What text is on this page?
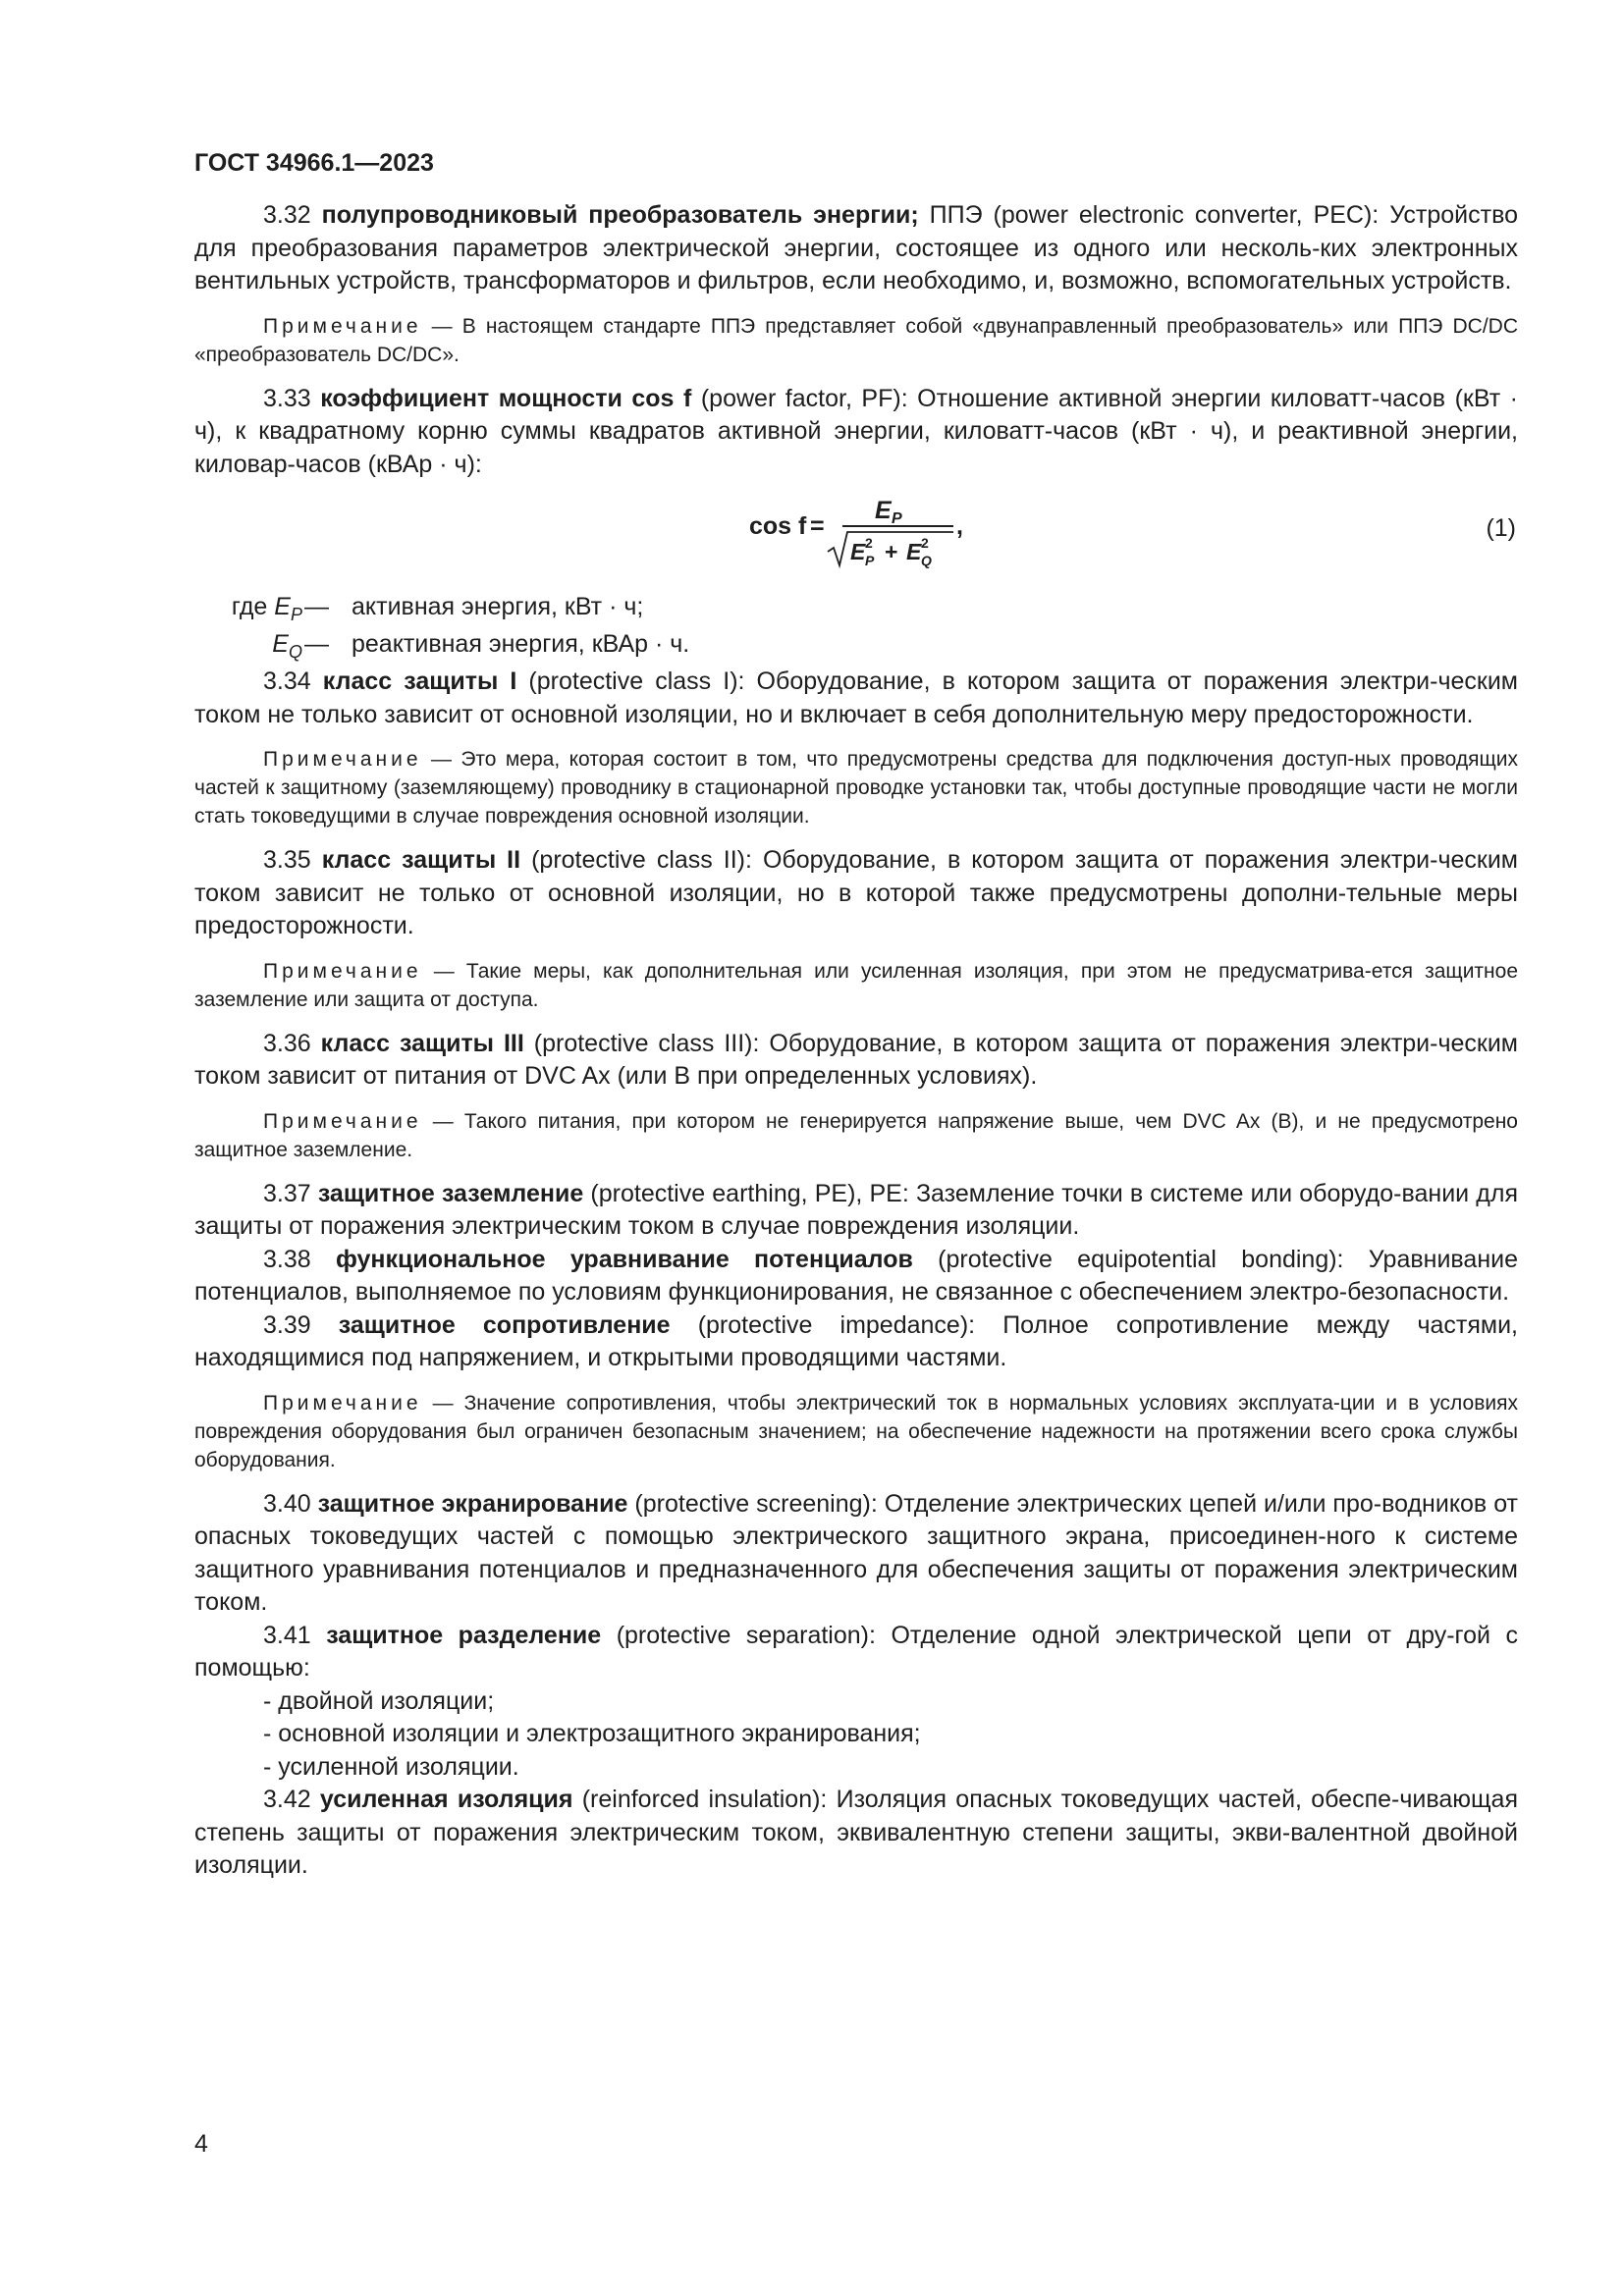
ГОСТ 34966.1—2023

3.32 полупроводниковый преобразователь энергии; ППЭ (power electronic converter, PEC): Устройство для преобразования параметров электрической энергии, состоящее из одного или несколь-ких электронных вентильных устройств, трансформаторов и фильтров, если необходимо, и, возможно, вспомогательных устройств.

Примечание — В настоящем стандарте ППЭ представляет собой «двунаправленный преобразователь» или ППЭ DC/DC «преобразователь DC/DC».

3.33 коэффициент мощности cos f (power factor, PF): Отношение активной энергии киловатт-часов (кВт · ч), к квадратному корню суммы квадратов активной энергии, киловатт-часов (кВт · ч), и реактивной энергии, киловар-часов (кВАр · ч):

cos f =
E P
E 2
P + E 2
Q
,	(1)
где $E_P$ — активная энергия, кВт · ч;
$E_Q$ — реактивная энергия, кВАр · ч.

3.34 класс защиты I (protective class I): Оборудование, в котором защита от поражения электри-ческим током не только зависит от основной изоляции, но и включает в себя дополнительную меру предосторожности.

Примечание — Это мера, которая состоит в том, что предусмотрены средства для подключения доступ-ных проводящих частей к защитному (заземляющему) проводнику в стационарной проводке установки так, чтобы доступные проводящие части не могли стать токоведущими в случае повреждения основной изоляции.

3.35 класс защиты II (protective class II): Оборудование, в котором защита от поражения электри-ческим током зависит не только от основной изоляции, но в которой также предусмотрены дополни-тельные меры предосторожности.

Примечание — Такие меры, как дополнительная или усиленная изоляция, при этом не предусматрива-ется защитное заземление или защита от доступа.

3.36 класс защиты III (protective class III): Оборудование, в котором защита от поражения электри-ческим током зависит от питания от DVC Ax (или B при определенных условиях).

Примечание — Такого питания, при котором не генерируется напряжение выше, чем DVC Ax (B), и не предусмотрено защитное заземление.

3.37 защитное заземление (protective earthing, PE), PE: Заземление точки в системе или оборудо-вании для защиты от поражения электрическим током в случае повреждения изоляции.

3.38 функциональное уравнивание потенциалов (protective equipotential bonding): Уравнивание потенциалов, выполняемое по условиям функционирования, не связанное с обеспечением электро-безопасности.

3.39 защитное сопротивление (protective impedance): Полное сопротивление между частями, находящимися под напряжением, и открытыми проводящими частями.

Примечание — Значение сопротивления, чтобы электрический ток в нормальных условиях эксплуата-ции и в условиях повреждения оборудования был ограничен безопасным значением; на обеспечение надежности на протяжении всего срока службы оборудования.

3.40 защитное экранирование (protective screening): Отделение электрических цепей и/или про-водников от опасных токоведущих частей с помощью электрического защитного экрана, присоединен-ного к системе защитного уравнивания потенциалов и предназначенного для обеспечения защиты от поражения электрическим током.

3.41 защитное разделение (protective separation): Отделение одной электрической цепи от дру-гой с помощью:

- двойной изоляции;
- основной изоляции и электрозащитного экранирования;
- усиленной изоляции.

3.42 усиленная изоляция (reinforced insulation): Изоляция опасных токоведущих частей, обеспе-чивающая степень защиты от поражения электрическим током, эквивалентную степени защиты, экви-валентной двойной изоляции.

4
